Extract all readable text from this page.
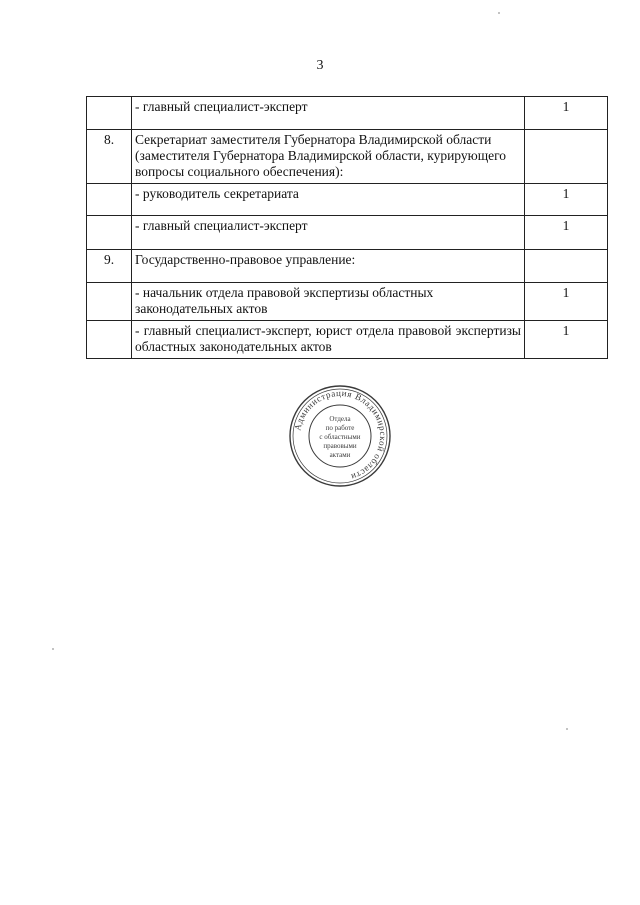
3
	- главный специалист-эксперт	1
8.	Секретариат заместителя Губернатора Владимирской области (заместителя Губернатора Владимирской области, курирующего вопросы социального обеспечения):	
	- руководитель секретариата	1
	- главный специалист-эксперт	1
9.	Государственно-правовое управление:	
	- начальник отдела правовой экспертизы областных законодательных актов	1
	- главный специалист-эксперт, юрист отдела правовой экспертизы областных законодательных актов	1
Администрация Владимирской области
Отдела
по работе
с областными
правовыми
актами
